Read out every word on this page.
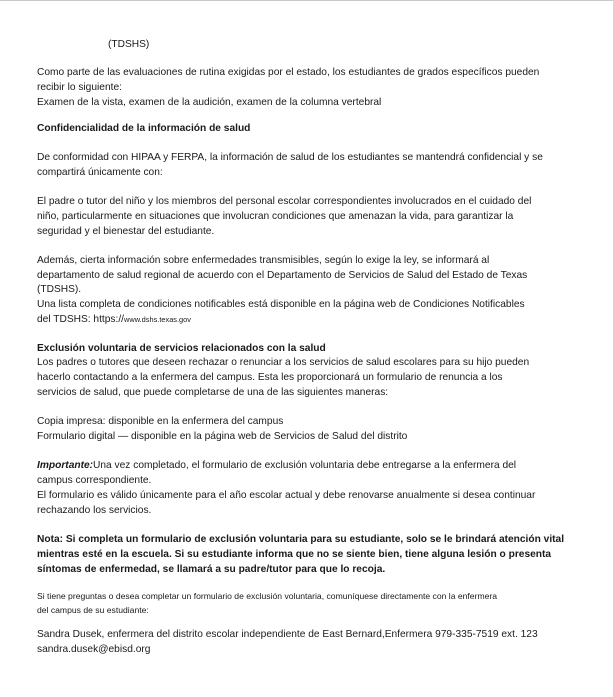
(TDSHS)
Como parte de las evaluaciones de rutina exigidas por el estado, los estudiantes de grados específicos pueden
recibir lo siguiente:
Examen de la vista, examen de la audición, examen de la columna vertebral
Confidencialidad de la información de salud
De conformidad con HIPAA y FERPA, la información de salud de los estudiantes se mantendrá confidencial y se
compartirá únicamente con:
El padre o tutor del niño y los miembros del personal escolar correspondientes involucrados en el cuidado del
niño, particularmente en situaciones que involucran condiciones que amenazan la vida, para garantizar la
seguridad y el bienestar del estudiante.
Además, cierta información sobre enfermedades transmisibles, según lo exige la ley, se informará al
departamento de salud regional de acuerdo con el Departamento de Servicios de Salud del Estado de Texas
(TDSHS).
Una lista completa de condiciones notificables está disponible en la página web de Condiciones Notificables
del TDSHS: https://www.dshs.texas.gov
Exclusión voluntaria de servicios relacionados con la salud
Los padres o tutores que deseen rechazar o renunciar a los servicios de salud escolares para su hijo pueden
hacerlo contactando a la enfermera del campus. Esta les proporcionará un formulario de renuncia a los
servicios de salud, que puede completarse de una de las siguientes maneras:
Copia impresa: disponible en la enfermera del campus
Formulario digital — disponible en la página web de Servicios de Salud del distrito
Importante:Una vez completado, el formulario de exclusión voluntaria debe entregarse a la enfermera del
campus correspondiente.
El formulario es válido únicamente para el año escolar actual y debe renovarse anualmente si desea continuar
rechazando los servicios.
Nota: Si completa un formulario de exclusión voluntaria para su estudiante, solo se le brindará atención vital
mientras esté en la escuela. Si su estudiante informa que no se siente bien, tiene alguna lesión o presenta
síntomas de enfermedad, se llamará a su padre/tutor para que lo recoja.
Si tiene preguntas o desea completar un formulario de exclusión voluntaria, comuníquese directamente con la enfermera
del campus de su estudiante:
Sandra Dusek, enfermera del distrito escolar independiente de East Bernard,Enfermera 979-335-7519 ext. 123
sandra.dusek@ebisd.org
